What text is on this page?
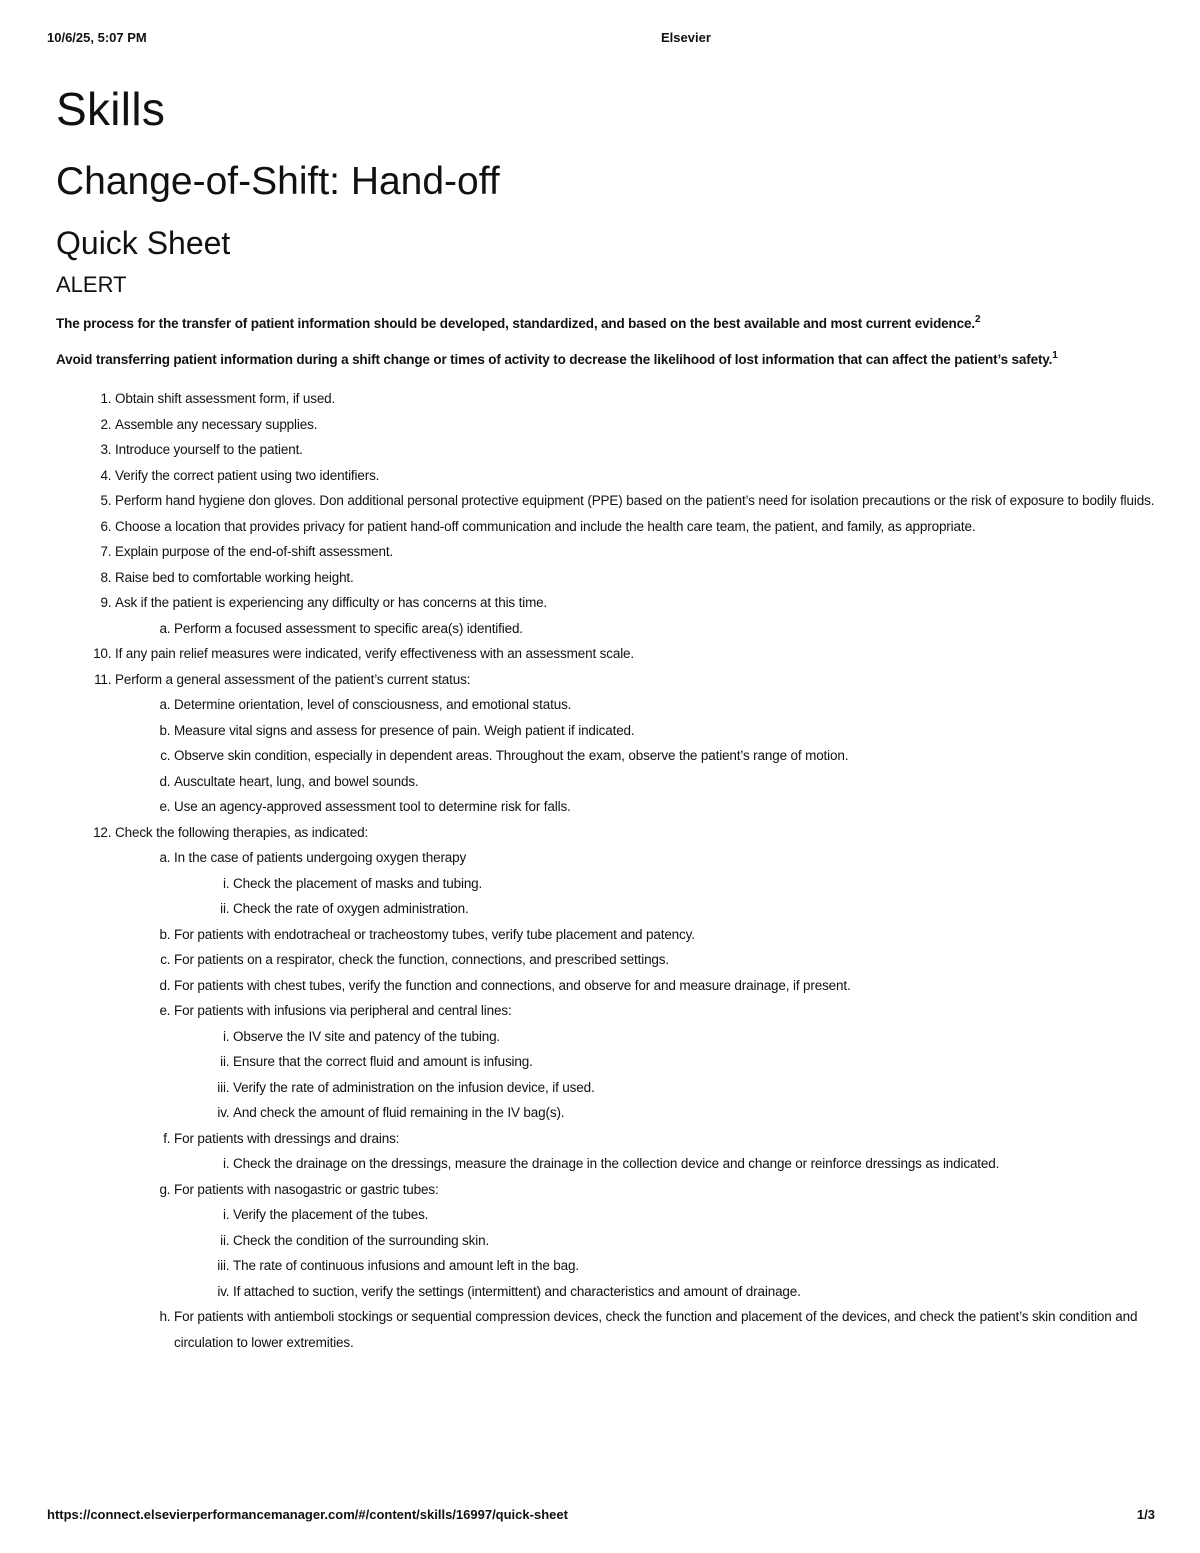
10/6/25, 5:07 PM	Elsevier
Skills
Change-of-Shift: Hand-off
Quick Sheet
ALERT

The process for the transfer of patient information should be developed, standardized, and based on the best available and most current evidence.$^2$

Avoid transferring patient information during a shift change or times of activity to decrease the likelihood of lost information that can affect the patient’s safety.$^1$

1. Obtain shift assessment form, if used.
2. Assemble any necessary supplies.
3. Introduce yourself to the patient.
4. Verify the correct patient using two identifiers.
5. Perform hand hygiene don gloves. Don additional personal protective equipment (PPE) based on the patient’s need for isolation precautions or the risk of exposure to bodily fluids.
6. Choose a location that provides privacy for patient hand-off communication and include the health care team, the patient, and family, as appropriate.
7. Explain purpose of the end-of-shift assessment.
8. Raise bed to comfortable working height.
9. Ask if the patient is experiencing any difficulty or has concerns at this time.
a. Perform a focused assessment to specific area(s) identified.
10. If any pain relief measures were indicated, verify effectiveness with an assessment scale.
11. Perform a general assessment of the patient’s current status:
a. Determine orientation, level of consciousness, and emotional status.
b. Measure vital signs and assess for presence of pain. Weigh patient if indicated.
c. Observe skin condition, especially in dependent areas. Throughout the exam, observe the patient’s range of motion.
d. Auscultate heart, lung, and bowel sounds.
e. Use an agency-approved assessment tool to determine risk for falls.
12. Check the following therapies, as indicated:
a. In the case of patients undergoing oxygen therapy
i. Check the placement of masks and tubing.
ii. Check the rate of oxygen administration.
b. For patients with endotracheal or tracheostomy tubes, verify tube placement and patency.
c. For patients on a respirator, check the function, connections, and prescribed settings.
d. For patients with chest tubes, verify the function and connections, and observe for and measure drainage, if present.
e. For patients with infusions via peripheral and central lines:
i. Observe the IV site and patency of the tubing.
ii. Ensure that the correct fluid and amount is infusing.
iii. Verify the rate of administration on the infusion device, if used.
iv. And check the amount of fluid remaining in the IV bag(s).
f. For patients with dressings and drains:
i. Check the drainage on the dressings, measure the drainage in the collection device and change or reinforce dressings as indicated.
g. For patients with nasogastric or gastric tubes:
i. Verify the placement of the tubes.
ii. Check the condition of the surrounding skin.
iii. The rate of continuous infusions and amount left in the bag.
iv. If attached to suction, verify the settings (intermittent) and characteristics and amount of drainage.
h. For patients with antiemboli stockings or sequential compression devices, check the function and placement of the devices, and check the patient’s skin condition and circulation to lower extremities.
https://connect.elsevierperformancemanager.com/#/content/skills/16997/quick-sheet	1/3
